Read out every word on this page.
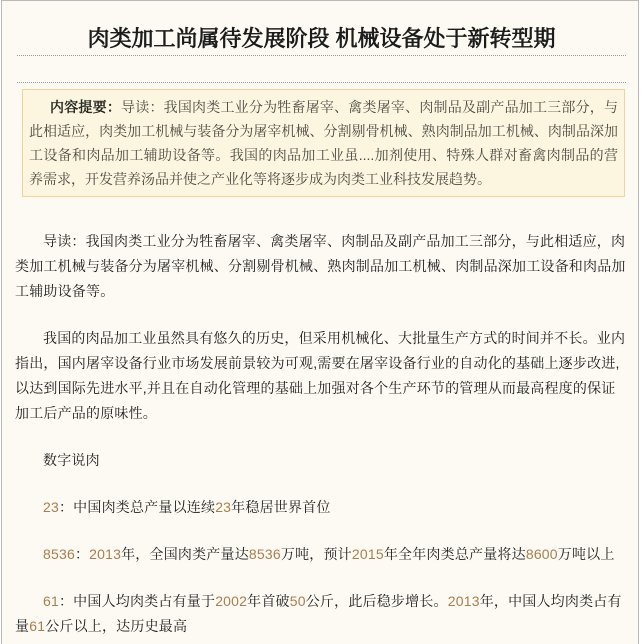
肉类加工尚属待发展阶段 机械设备处于新转型期
内容提要：导读：我国肉类工业分为牲畜屠宰、禽类屠宰、肉制品及副产品加工三部分，与此相适应，肉类加工机械与装备分为屠宰机械、分割剔骨机械、熟肉制品加工机械、肉制品深加工设备和肉品加工辅助设备等。我国的肉品加工业虽....加剂使用、特殊人群对畜禽肉制品的营养需求，开发营养汤品并使之产业化等将逐步成为肉类工业科技发展趋势。

导读：我国肉类工业分为牲畜屠宰、禽类屠宰、肉制品及副产品加工三部分，与此相适应，肉类加工机械与装备分为屠宰机械、分割剔骨机械、熟肉制品加工机械、肉制品深加工设备和肉品加工辅助设备等。

我国的肉品加工业虽然具有悠久的历史，但采用机械化、大批量生产方式的时间并不长。业内指出，国内屠宰设备行业市场发展前景较为可观,需要在屠宰设备行业的自动化的基础上逐步改进,以达到国际先进水平,并且在自动化管理的基础上加强对各个生产环节的管理从而最高程度的保证加工后产品的原味性。

数字说肉

23：中国肉类总产量以连续23年稳居世界首位

8536：2013年，全国肉类产量达8536万吨，预计2015年全年肉类总产量将达8600万吨以上

61：中国人均肉类占有量于2002年首破50公斤，此后稳步增长。2013年，中国人均肉类占有量61公斤以上，达历史最高
